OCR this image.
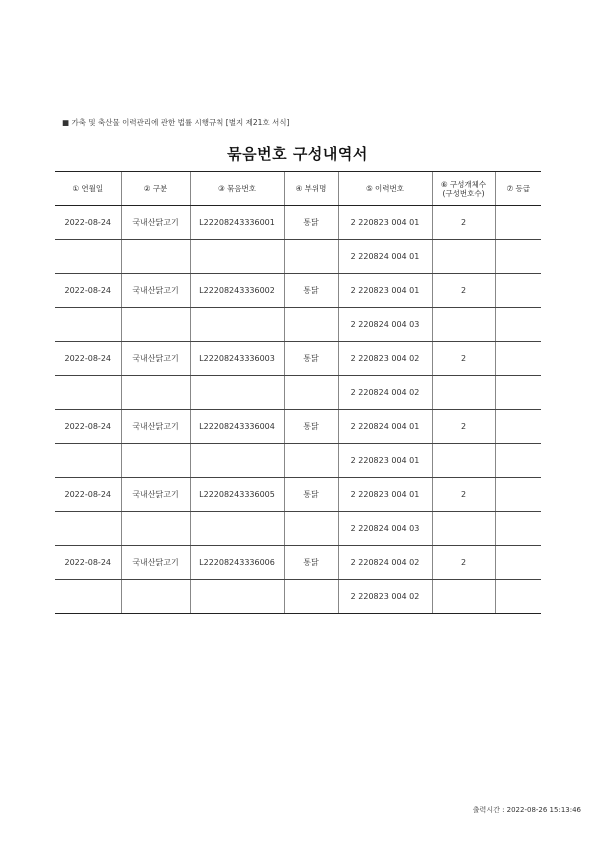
■ 가축 및 축산물 이력관리에 관한 법률 시행규칙 [별지 제21호 서식]
묶음번호 구성내역서
① 연월일	② 구분	③ 묶음번호	④ 부위명	⑤ 이력번호	⑥ 구성개체수
(구성번호수)	⑦ 등급
2022-08-24	국내산닭고기	L22208243336001	통닭	2 220823 004 01	2	
				2 220824 004 01		
2022-08-24	국내산닭고기	L22208243336002	통닭	2 220823 004 01	2	
				2 220824 004 03		
2022-08-24	국내산닭고기	L22208243336003	통닭	2 220823 004 02	2	
				2 220824 004 02		
2022-08-24	국내산닭고기	L22208243336004	통닭	2 220824 004 01	2	
				2 220823 004 01		
2022-08-24	국내산닭고기	L22208243336005	통닭	2 220823 004 01	2	
				2 220824 004 03		
2022-08-24	국내산닭고기	L22208243336006	통닭	2 220824 004 02	2	
				2 220823 004 02		
출력시간 : 2022-08-26 15:13:46
